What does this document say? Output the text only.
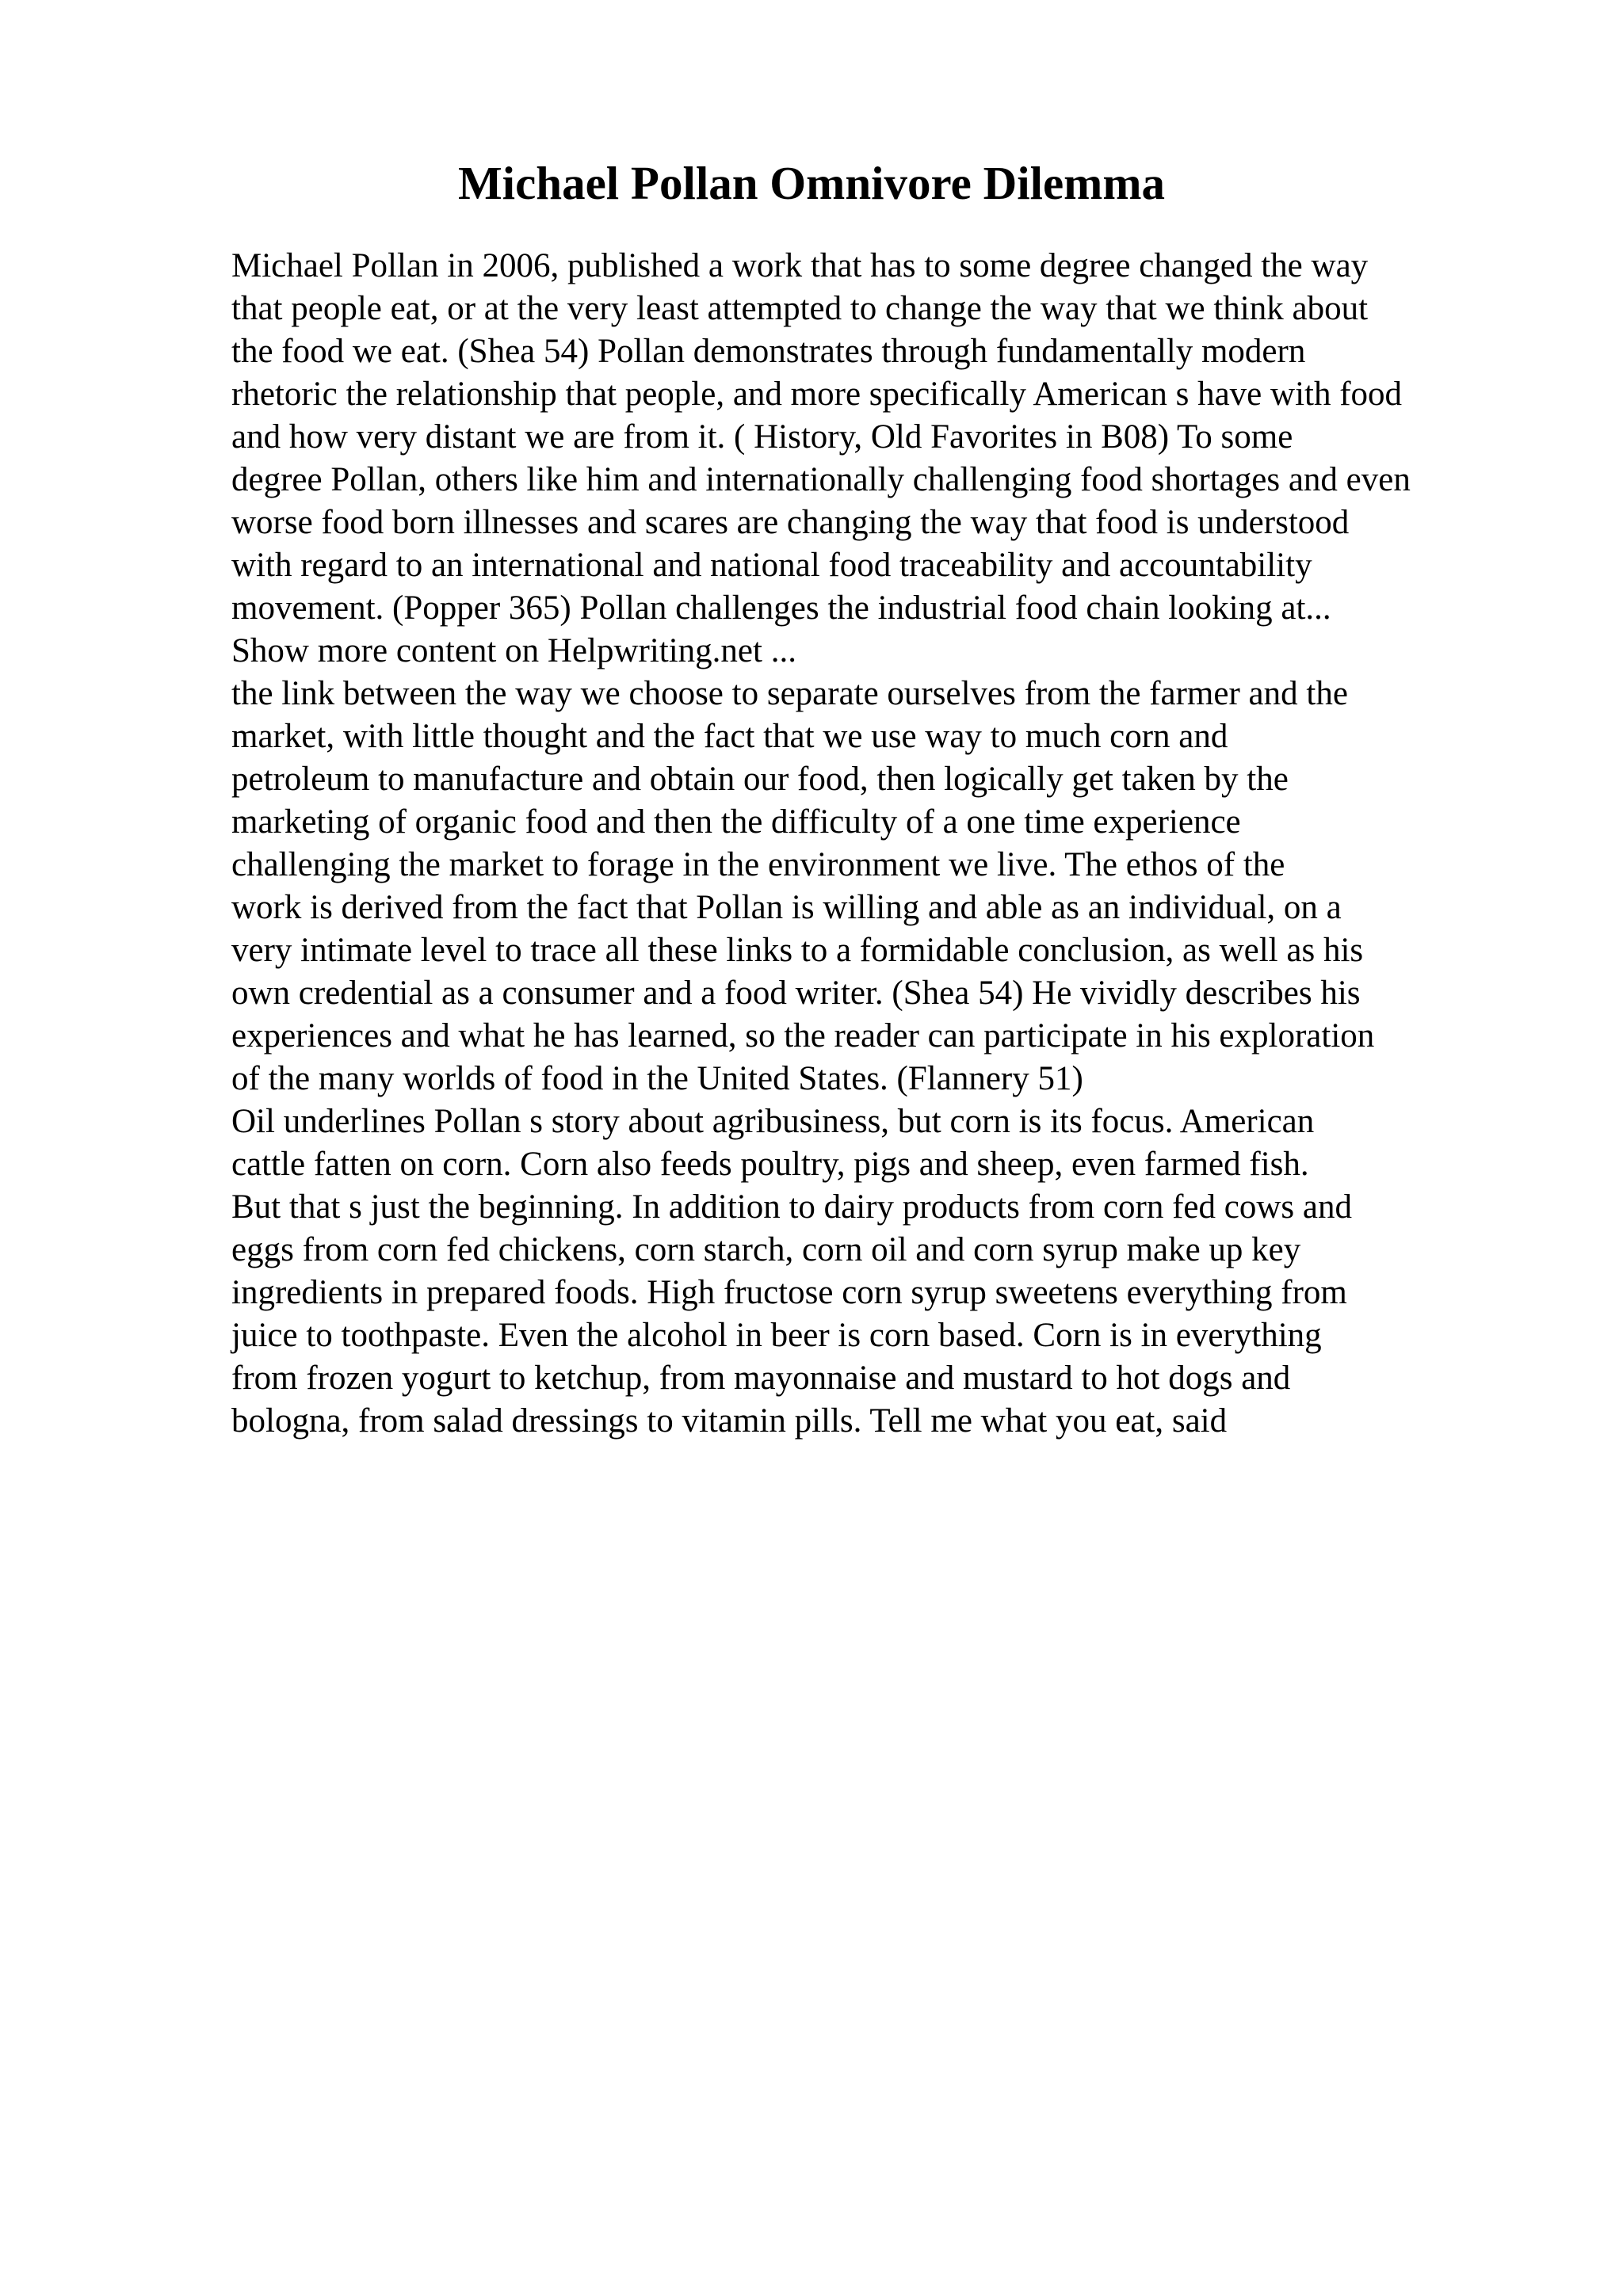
Michael Pollan Omnivore Dilemma
Michael Pollan in 2006, published a work that has to some degree changed the way
that people eat, or at the very least attempted to change the way that we think about
the food we eat. (Shea 54) Pollan demonstrates through fundamentally modern
rhetoric the relationship that people, and more specifically American s have with food
and how very distant we are from it. ( History, Old Favorites in B08) To some
degree Pollan, others like him and internationally challenging food shortages and even
worse food born illnesses and scares are changing the way that food is understood
with regard to an international and national food traceability and accountability
movement. (Popper 365) Pollan challenges the industrial food chain looking at...
Show more content on Helpwriting.net ...
the link between the way we choose to separate ourselves from the farmer and the
market, with little thought and the fact that we use way to much corn and
petroleum to manufacture and obtain our food, then logically get taken by the
marketing of organic food and then the difficulty of a one time experience
challenging the market to forage in the environment we live. The ethos of the
work is derived from the fact that Pollan is willing and able as an individual, on a
very intimate level to trace all these links to a formidable conclusion, as well as his
own credential as a consumer and a food writer. (Shea 54) He vividly describes his
experiences and what he has learned, so the reader can participate in his exploration
of the many worlds of food in the United States. (Flannery 51)
Oil underlines Pollan s story about agribusiness, but corn is its focus. American
cattle fatten on corn. Corn also feeds poultry, pigs and sheep, even farmed fish.
But that s just the beginning. In addition to dairy products from corn fed cows and
eggs from corn fed chickens, corn starch, corn oil and corn syrup make up key
ingredients in prepared foods. High fructose corn syrup sweetens everything from
juice to toothpaste. Even the alcohol in beer is corn based. Corn is in everything
from frozen yogurt to ketchup, from mayonnaise and mustard to hot dogs and
bologna, from salad dressings to vitamin pills. Tell me what you eat, said
